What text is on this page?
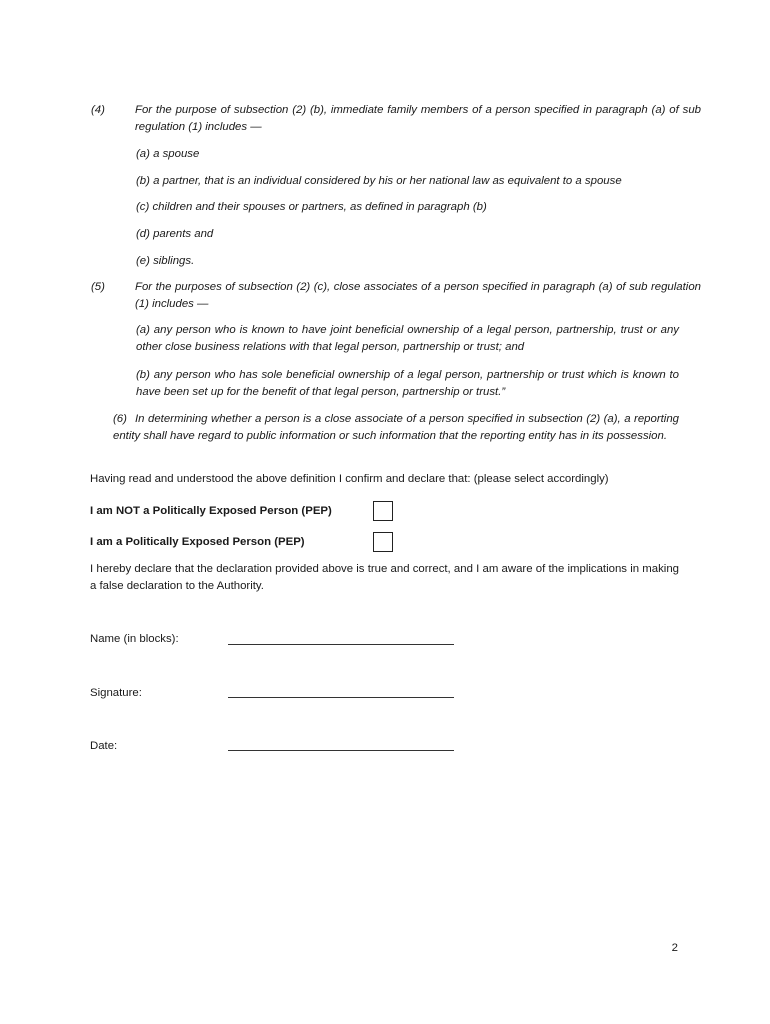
(4)	For the purpose of subsection (2) (b), immediate family members of a person specified in paragraph (a) of sub regulation (1) includes —

(a) a spouse

(b) a partner, that is an individual considered by his or her national law as equivalent to a spouse

(c) children and their spouses or partners, as defined in paragraph (b)

(d) parents and

(e) siblings.

(5)	For the purposes of subsection (2) (c), close associates of a person specified in paragraph (a) of sub regulation (1) includes —

(a) any person who is known to have joint beneficial ownership of a legal person, partnership, trust or any other close business relations with that legal person, partnership or trust; and

(b) any person who has sole beneficial ownership of a legal person, partnership or trust which is known to have been set up for the benefit of that legal person, partnership or trust.”

(6) In determining whether a person is a close associate of a person specified in subsection (2) (a), a reporting entity shall have regard to public information or such information that the reporting entity has in its possession.

Having read and understood the above definition I confirm and declare that: (please select accordingly)

I am NOT a Politically Exposed Person (PEP)

I am a Politically Exposed Person (PEP)

I hereby declare that the declaration provided above is true and correct, and I am aware of the implications in making a false declaration to the Authority.

Name (in blocks):

Signature:

Date:

2
